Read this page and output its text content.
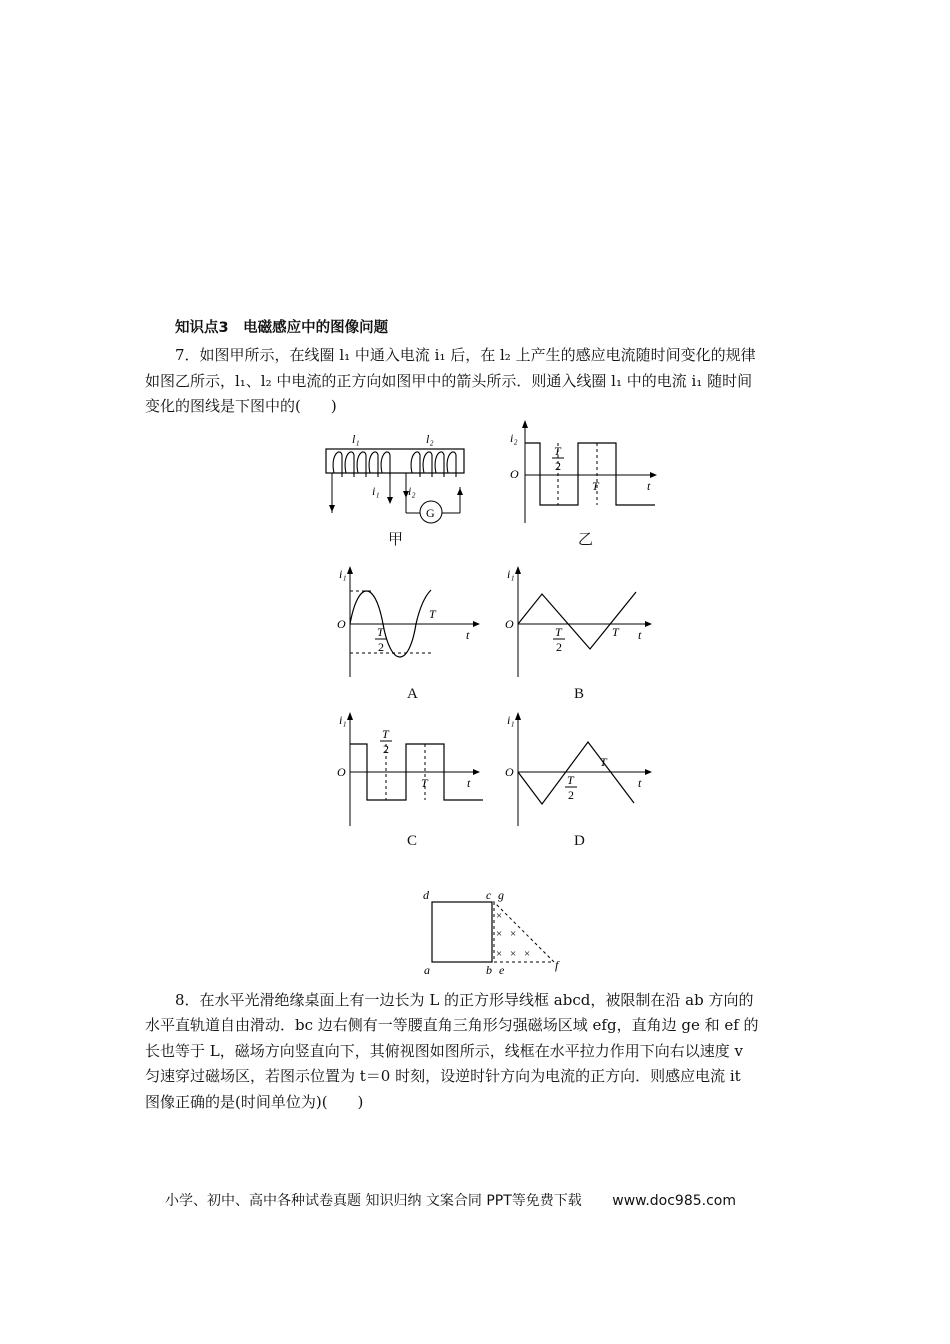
知识点3　电磁感应中的图像问题
7．如图甲所示，在线圈 l₁ 中通入电流 i₁ 后，在 l₂ 上产生的感应电流随时间变化的规律
如图乙所示，l₁、l₂ 中电流的正方向如图甲中的箭头所示．则通入线圈 l₁ 中的电流 i₁ 随时间
变化的图线是下图中的(　　)
l₁	l₂
i₁ i₂
G
甲
i₂
O
t
T
2
T
乙
i₁
O
t
T
2
T
A
i₁
O
t
T
2
T
B
i₁
O
t
T
2
T
C
i₁
O
t
T
2
T
D
×
× ×
× × ×
d	c g
a	b e	f
8．在水平光滑绝缘桌面上有一边长为 L 的正方形导线框 abcd，被限制在沿 ab 方向的
水平直轨道自由滑动．bc 边右侧有一等腰直角三角形匀强磁场区域 efg，直角边 ge 和 ef 的
长也等于 L，磁场方向竖直向下，其俯视图如图所示，线框在水平拉力作用下向右以速度 v
匀速穿过磁场区，若图示位置为 t＝0 时刻，设逆时针方向为电流的正方向．则感应电流 it
图像正确的是(时间单位为)(　　)
小学、初中、高中各种试卷真题 知识归纳 文案合同 PPT等免费下载 www.doc985.com
